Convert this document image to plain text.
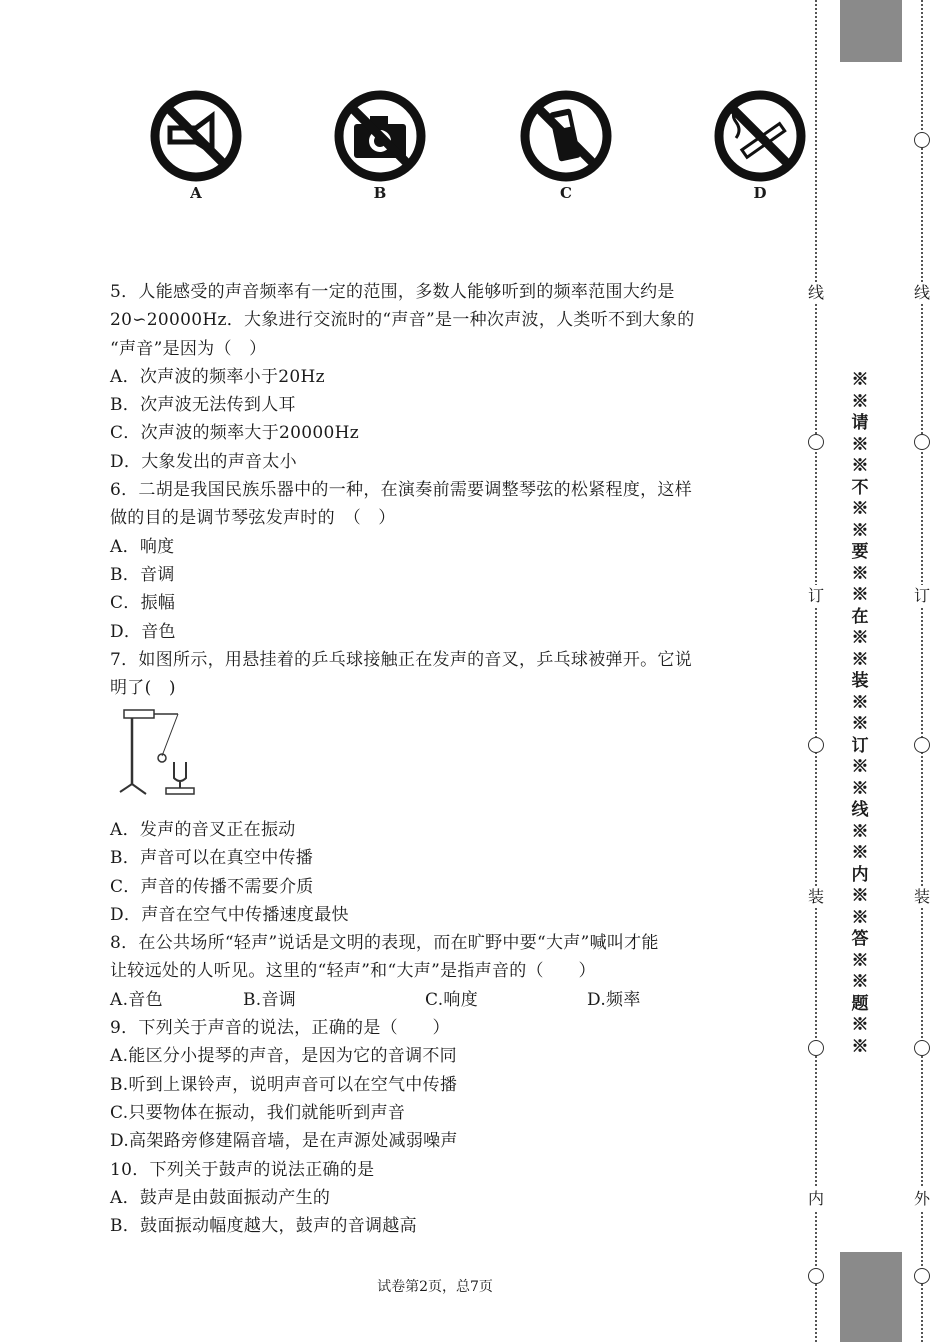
A	B	C	D
5．人能感受的声音频率有一定的范围，多数人能够听到的频率范围大约是
20∽20000Hz．大象进行交流时的“声音”是一种次声波，人类听不到大象的
“声音”是因为（　）
A．次声波的频率小于20Hz
B．次声波无法传到人耳
C．次声波的频率大于20000Hz
D．大象发出的声音太小
6．二胡是我国民族乐器中的一种，在演奏前需要调整琴弦的松紧程度，这样
做的目的是调节琴弦发声时的　（　）
A．响度
B．音调
C．振幅
D．音色
7．如图所示，用悬挂着的乒乓球接触正在发声的音叉，乒乓球被弹开。它说
明了(　)
A．发声的音叉正在振动
B．声音可以在真空中传播
C．声音的传播不需要介质
D．声音在空气中传播速度最快
8．在公共场所“轻声”说话是文明的表现，而在旷野中要“大声”喊叫才能
让较远处的人听见。这里的“轻声”和“大声”是指声音的（　　）
A.音色	B.音调	C.响度	D.频率
9．下列关于声音的说法，正确的是（　　）
A.能区分小提琴的声音，是因为它的音调不同
B.听到上课铃声，说明声音可以在空气中传播
C.只要物体在振动，我们就能听到声音
D.高架路旁修建隔音墙，是在声源处减弱噪声
10．下列关于鼓声的说法正确的是
A．鼓声是由鼓面振动产生的
B．鼓面振动幅度越大，鼓声的音调越高
试卷第2页，总7页
线
订
装
内
※※请※※不※※要※※在※※装※※订※※线※※内※※答※※题※※
线
订
装
外
